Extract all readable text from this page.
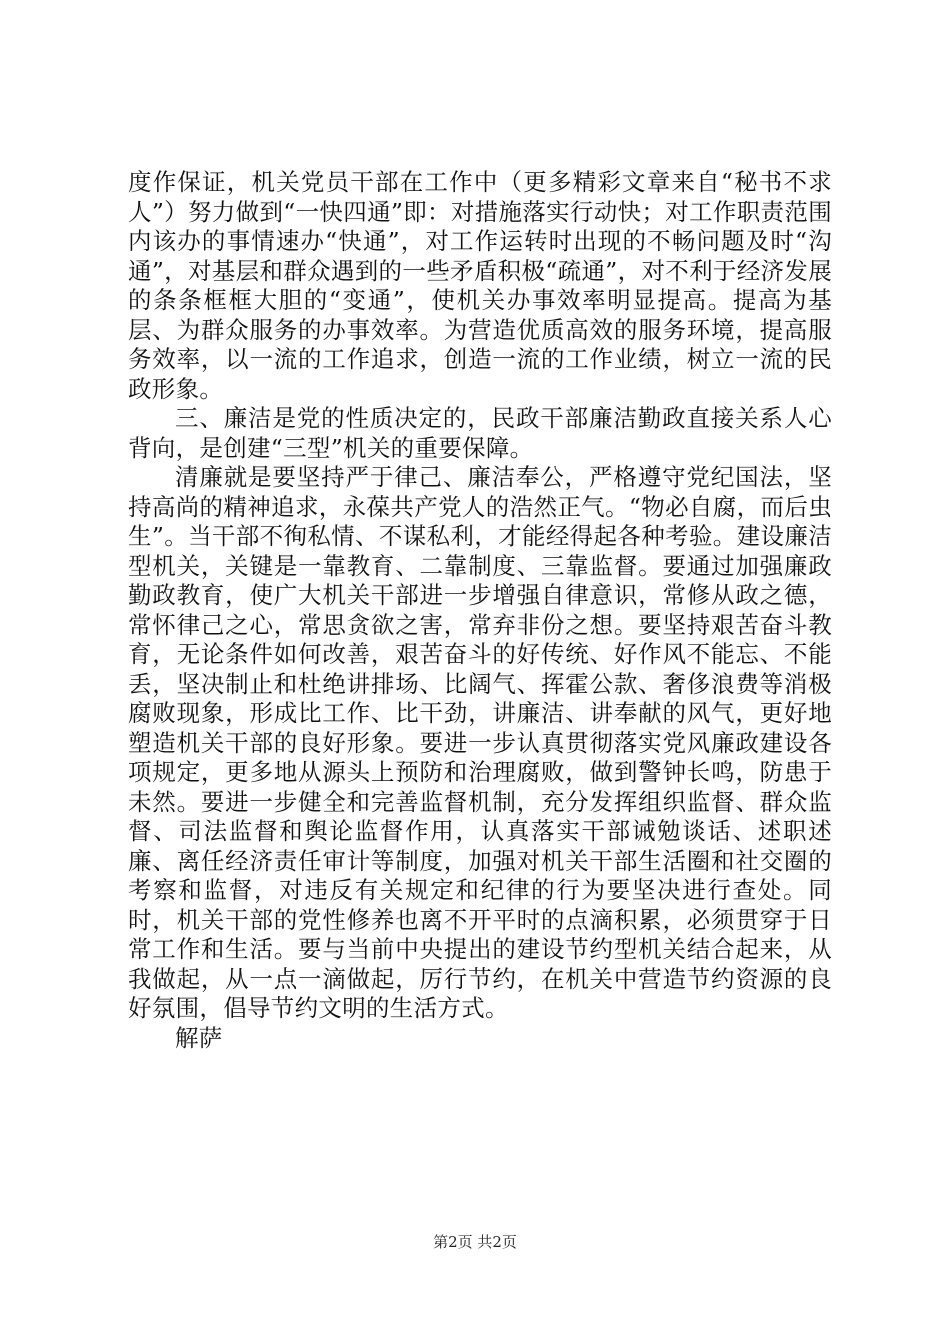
度作保证，机关党员干部在工作中（更多精彩文章来自“秘书不求人”）努力做到“一快四通”即：对措施落实行动快；对工作职责范围内该办的事情速办“快通”，对工作运转时出现的不畅问题及时“沟通”，对基层和群众遇到的一些矛盾积极“疏通”，对不利于经济发展的条条框框大胆的“变通”，使机关办事效率明显提高。提高为基层、为群众服务的办事效率。为营造优质高效的服务环境，提高服务效率，以一流的工作追求，创造一流的工作业绩，树立一流的民政形象。

三、廉洁是党的性质决定的，民政干部廉洁勤政直接关系人心背向，是创建“三型”机关的重要保障。

清廉就是要坚持严于律己、廉洁奉公，严格遵守党纪国法，坚持高尚的精神追求，永葆共产党人的浩然正气。“物必自腐，而后虫生”。当干部不徇私情、不谋私利，才能经得起各种考验。建设廉洁型机关，关键是一靠教育、二靠制度、三靠监督。要通过加强廉政勤政教育，使广大机关干部进一步增强自律意识，常修从政之德，常怀律己之心，常思贪欲之害，常弃非份之想。要坚持艰苦奋斗教育，无论条件如何改善，艰苦奋斗的好传统、好作风不能忘、不能丢，坚决制止和杜绝讲排场、比阔气、挥霍公款、奢侈浪费等消极腐败现象，形成比工作、比干劲，讲廉洁、讲奉献的风气，更好地塑造机关干部的良好形象。要进一步认真贯彻落实党风廉政建设各项规定，更多地从源头上预防和治理腐败，做到警钟长鸣，防患于未然。要进一步健全和完善监督机制，充分发挥组织监督、群众监督、司法监督和舆论监督作用，认真落实干部诫勉谈话、述职述廉、离任经济责任审计等制度，加强对机关干部生活圈和社交圈的考察和监督，对违反有关规定和纪律的行为要坚决进行查处。同时，机关干部的党性修养也离不开平时的点滴积累，必须贯穿于日常工作和生活。要与当前中央提出的建设节约型机关结合起来，从我做起，从一点一滴做起，厉行节约，在机关中营造节约资源的良好氛围，倡导节约文明的生活方式。

解萨

第2页 共2页
